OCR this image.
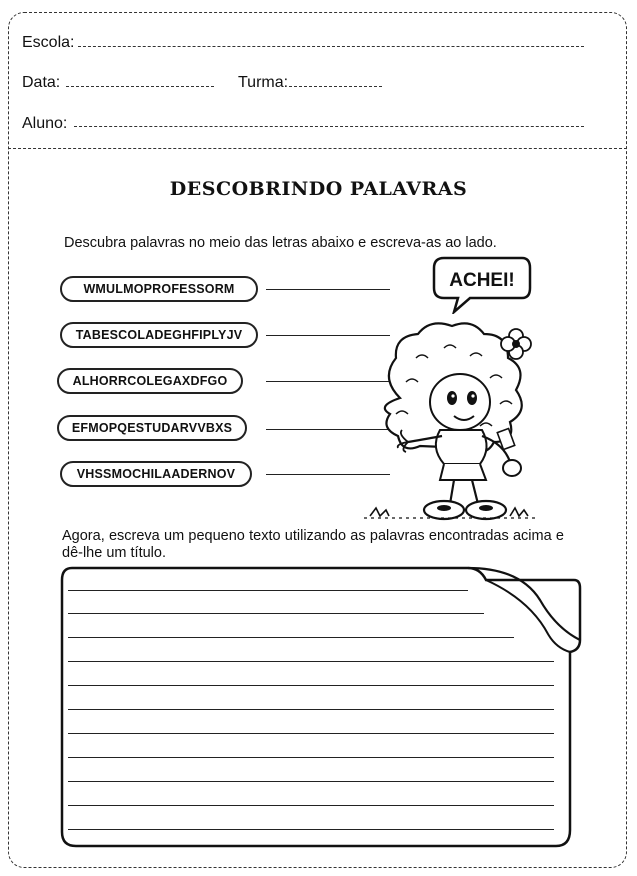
Escola:
Data:	Turma:
Aluno:
DESCOBRINDO PALAVRAS
Descubra palavras no meio das letras abaixo e escreva-as ao lado.
WMULMOPROFESSORM
TABESCOLADEGHFIPLYJV
ALHORRCOLEGAXDFGO
EFMOPQESTUDARVVBXS
VHSSMOCHILAADERNOV
ACHEI!
Agora, escreva um pequeno texto utilizando as palavras encontradas acima e dê-lhe um título.
